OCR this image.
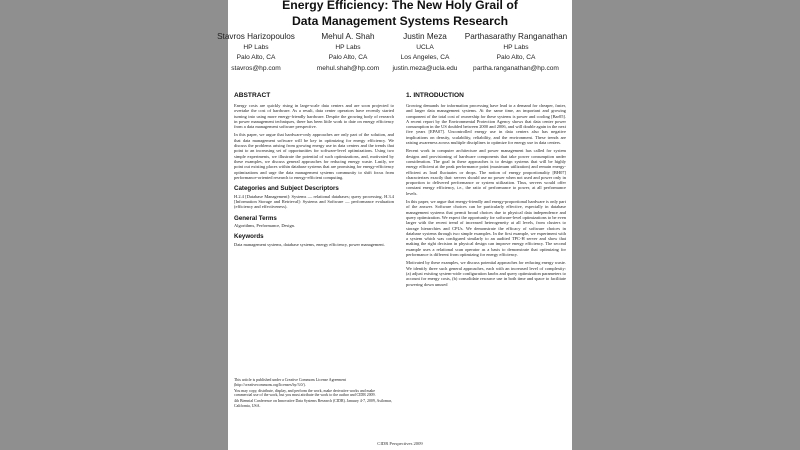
Energy Efficiency: The New Holy Grail of
Data Management Systems Research
Stavros Harizopoulos
HP Labs
Palo Alto, CA
stavros@hp.com
Mehul A. Shah
HP Labs
Palo Alto, CA
mehul.shah@hp.com
Justin Meza
UCLA
Los Angeles, CA
justin.meza@ucla.edu
Parthasarathy Ranganathan
HP Labs
Palo Alto, CA
partha.ranganathan@hp.com
ABSTRACT

Energy costs are quickly rising in large-scale data centers and are soon projected to overtake the cost of hardware. As a result, data center operators have recently started turning into using more energy-friendly hardware. Despite the growing body of research in power management techniques, there has been little work to date on energy efficiency from a data management software perspective.

In this paper, we argue that hardware-only approaches are only part of the solution, and that data management software will be key in optimizing for energy efficiency. We discuss the problems arising from growing energy use in data centers and the trends that point to an increasing set of opportunities for software-level optimizations. Using two simple experiments, we illustrate the potential of such optimizations, and, motivated by these examples, we discuss general approaches for reducing energy waste. Lastly, we point out existing places within database systems that are promising for energy-efficiency optimizations and urge the data management systems community to shift focus from performance-oriented research to energy-efficient computing.

Categories and Subject Descriptors

H.2.4 [Database Management]: Systems — relational databases; query processing. H.3.4 [Information Storage and Retrieval]: Systems and Software — performance evaluation (efficiency and effectiveness).

General Terms

Algorithms, Performance, Design.

Keywords

Data management systems, database systems, energy efficiency, power management.

This article is published under a Creative Commons License Agreement (http://creativecommons.org/licenses/by/3.0/).

You may copy, distribute, display, and perform the work, make derivative works and make commercial use of the work, but you must attribute the work to the author and CIDR 2009.

4th Biennial Conference on Innovative Data Systems Research (CIDR). January 4-7, 2009, Asilomar, California, USA.

1. INTRODUCTION

Growing demands for information processing have lead to a demand for cheaper, faster, and larger data management systems. At the same time, an important and growing component of the total cost of ownership for these systems is power and cooling [Bar05]. A recent report by the Environmental Protection Agency shows that data center power consumption in the US doubled between 2000 and 2006, and will double again in the next five years [EPA07]. Uncontrolled energy use in data centers also has negative implications on density, scalability, reliability, and the environment. These trends are raising awareness across multiple disciplines to optimize for energy use in data centers.

Recent work in computer architecture and power management has called for system designs and provisioning of hardware components that take power consumption under consideration. The goal in these approaches is to design systems that will be highly energy efficient at the peak performance point (maximum utilization) and remain energy-efficient as load fluctuates or drops. The notion of energy proportionality [BH07] characterizes exactly that: servers should use no power when not used and power only in proportion to delivered performance or system utilization. Thus, servers would offer constant energy efficiency, i.e., the ratio of performance to power, at all performance levels.

In this paper, we argue that energy-friendly and energy-proportional hardware is only part of the answer. Software choices can be particularly effective, especially in database management systems that permit broad choices due to physical data independence and query optimization. We expect the opportunity for software-level optimizations to be even larger with the recent trend of increased heterogeneity at all levels, from clusters to storage hierarchies and CPUs. We demonstrate the efficacy of software choices in database systems through two simple examples. In the first example, we experiment with a system which was configured similarly to an audited TPC-H server and show that making the right decision in physical design can improve energy efficiency. The second example uses a relational scan operator as a basis to demonstrate that optimizing for performance is different from optimizing for energy efficiency.

Motivated by these examples, we discuss potential approaches for reducing energy waste. We identify three such general approaches, each with an increased level of complexity: (a) adjust existing system-wide configuration knobs and query optimization parameters to account for energy costs, (b) consolidate resource use in both time and space to facilitate powering down unused

CIDR Perspectives 2009
